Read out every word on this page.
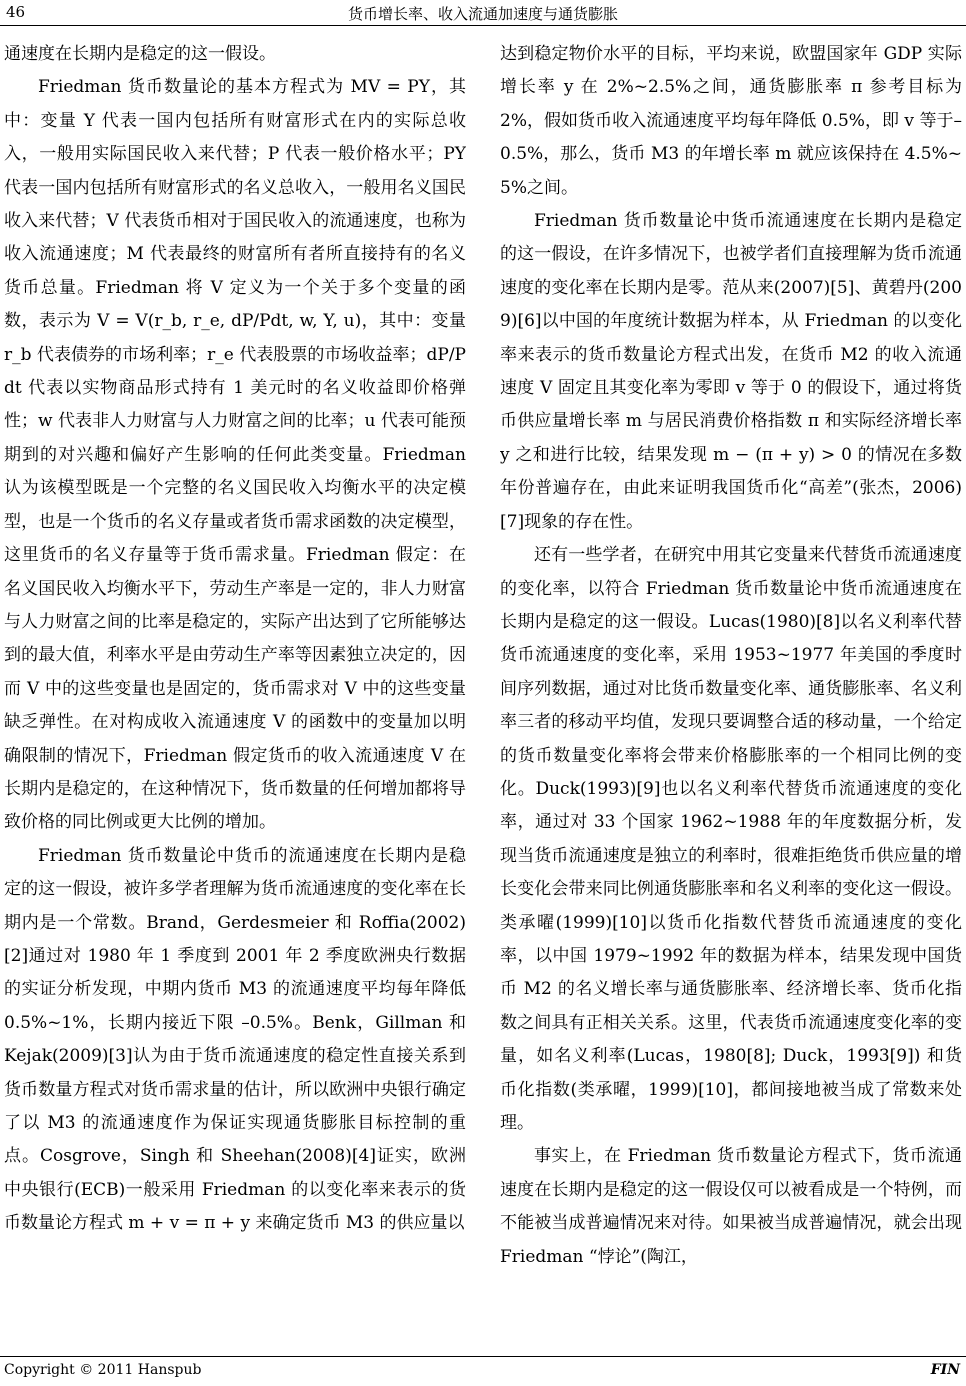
46	货币增长率、收入流通加速度与通货膨胀

通速度在长期内是稳定的这一假设。

Friedman 货币数量论的基本方程式为 MV = PY，其中：变量 Y 代表一国内包括所有财富形式在内的实际总收入，一般用实际国民收入来代替；P 代表一般价格水平；PY 代表一国内包括所有财富形式的名义总收入，一般用名义国民收入来代替；V 代表货币相对于国民收入的流通速度，也称为收入流通速度；M 代表最终的财富所有者所直接持有的名义货币总量。Friedman 将 V 定义为一个关于多个变量的函数，表示为 V = V(r_b, r_e, dP/Pdt, w, Y, u)，其中：变量 r_b 代表债券的市场利率；r_e 代表股票的市场收益率；dP/Pdt 代表以实物商品形式持有 1 美元时的名义收益即价格弹性；w 代表非人力财富与人力财富之间的比率；u 代表可能预期到的对兴趣和偏好产生影响的任何此类变量。Friedman 认为该模型既是一个完整的名义国民收入均衡水平的决定模型，也是一个货币的名义存量或者货币需求函数的决定模型，这里货币的名义存量等于货币需求量。Friedman 假定：在名义国民收入均衡水平下，劳动生产率是一定的，非人力财富与人力财富之间的比率是稳定的，实际产出达到了它所能够达到的最大值，利率水平是由劳动生产率等因素独立决定的，因而 V 中的这些变量也是固定的，货币需求对 V 中的这些变量缺乏弹性。在对构成收入流通速度 V 的函数中的变量加以明确限制的情况下，Friedman 假定货币的收入流通速度 V 在长期内是稳定的，在这种情况下，货币数量的任何增加都将导致价格的同比例或更大比例的增加。

Friedman 货币数量论中货币的流通速度在长期内是稳定的这一假设，被许多学者理解为货币流通速度的变化率在长期内是一个常数。Brand，Gerdesmeier 和 Roffia(2002)[2]通过对 1980 年 1 季度到 2001 年 2 季度欧洲央行数据的实证分析发现，中期内货币 M3 的流通速度平均每年降低 0.5%~1%，长期内接近下限 –0.5%。Benk，Gillman 和 Kejak(2009)[3]认为由于货币流通速度的稳定性直接关系到货币数量方程式对货币需求量的估计，所以欧洲中央银行确定了以 M3 的流通速度作为保证实现通货膨胀目标控制的重点。Cosgrove，Singh 和 Sheehan(2008)[4]证实，欧洲中央银行(ECB)一般采用 Friedman 的以变化率来表示的货币数量论方程式 m + v = π + y 来确定货币 M3 的供应量以

达到稳定物价水平的目标，平均来说，欧盟国家年 GDP 实际增长率 y 在 2%~2.5%之间，通货膨胀率 π 参考目标为 2%，假如货币收入流通速度平均每年降低 0.5%，即 v 等于–0.5%，那么，货币 M3 的年增长率 m 就应该保持在 4.5%~5%之间。

Friedman 货币数量论中货币流通速度在长期内是稳定的这一假设，在许多情况下，也被学者们直接理解为货币流通速度的变化率在长期内是零。范从来(2007)[5]、黄碧丹(2009)[6]以中国的年度统计数据为样本，从 Friedman 的以变化率来表示的货币数量论方程式出发，在货币 M2 的收入流通速度 V 固定且其变化率为零即 v 等于 0 的假设下，通过将货币供应量增长率 m 与居民消费价格指数 π 和实际经济增长率 y 之和进行比较，结果发现 m − (π + y) > 0 的情况在多数年份普遍存在，由此来证明我国货币化“高差”(张杰，2006)[7]现象的存在性。

还有一些学者，在研究中用其它变量来代替货币流通速度的变化率，以符合 Friedman 货币数量论中货币流通速度在长期内是稳定的这一假设。Lucas(1980)[8]以名义利率代替货币流通速度的变化率，采用 1953~1977 年美国的季度时间序列数据，通过对比货币数量变化率、通货膨胀率、名义利率三者的移动平均值，发现只要调整合适的移动量，一个给定的货币数量变化率将会带来价格膨胀率的一个相同比例的变化。Duck(1993)[9]也以名义利率代替货币流通速度的变化率，通过对 33 个国家 1962~1988 年的年度数据分析，发现当货币流通速度是独立的利率时，很难拒绝货币供应量的增长变化会带来同比例通货膨胀率和名义利率的变化这一假设。类承曜(1999)[10]以货币化指数代替货币流通速度的变化率，以中国 1979~1992 年的数据为样本，结果发现中国货币 M2 的名义增长率与通货膨胀率、经济增长率、货币化指数之间具有正相关关系。这里，代表货币流通速度变化率的变量，如名义利率(Lucas，1980[8]; Duck，1993[9]) 和货币化指数(类承曜，1999)[10]，都间接地被当成了常数来处理。

事实上，在 Friedman 货币数量论方程式下，货币流通速度在长期内是稳定的这一假设仅可以被看成是一个特例，而不能被当成普遍情况来对待。如果被当成普遍情况，就会出现 Friedman “悖论”(陶江，

Copyright © 2011 Hanspub	FIN
